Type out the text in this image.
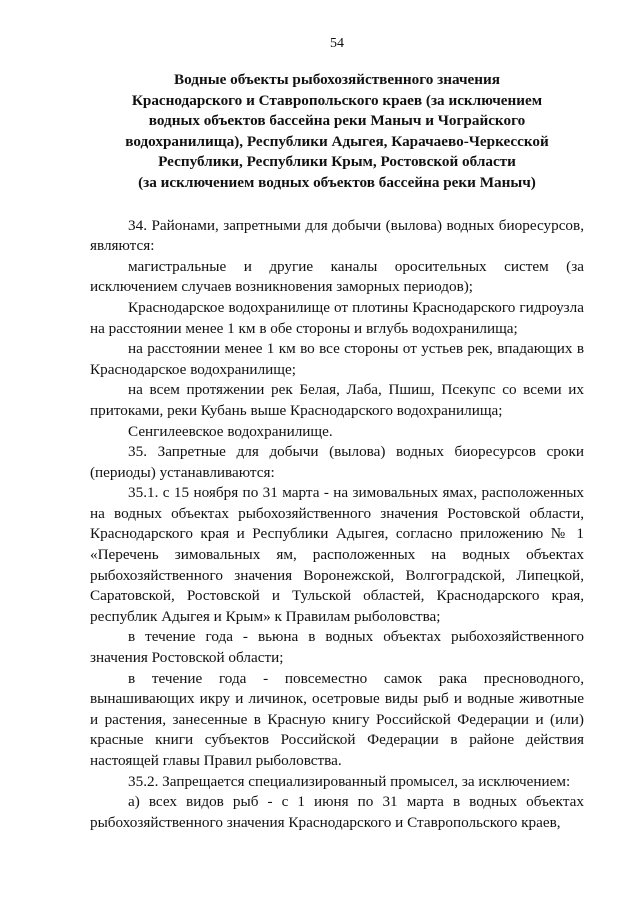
54
Водные объекты рыбохозяйственного значения
Краснодарского и Ставропольского краев (за исключением
водных объектов бассейна реки Маныч и Чограйского
водохранилища), Республики Адыгея, Карачаево-Черкесской
Республики, Республики Крым, Ростовской области
(за исключением водных объектов бассейна реки Маныч)

34. Районами, запретными для добычи (вылова) водных биоресурсов, являются:

магистральные и другие каналы оросительных систем (за исключением случаев возникновения заморных периодов);

Краснодарское водохранилище от плотины Краснодарского гидроузла на расстоянии менее 1 км в обе стороны и вглубь водохранилища;

на расстоянии менее 1 км во все стороны от устьев рек, впадающих в Краснодарское водохранилище;

на всем протяжении рек Белая, Лаба, Пшиш, Псекупс со всеми их притоками, реки Кубань выше Краснодарского водохранилища;

Сенгилеевское водохранилище.

35. Запретные для добычи (вылова) водных биоресурсов сроки (периоды) устанавливаются:

35.1. с 15 ноября по 31 марта - на зимовальных ямах, расположенных на водных объектах рыбохозяйственного значения Ростовской области, Краснодарского края и Республики Адыгея, согласно приложению № 1 «Перечень зимовальных ям, расположенных на водных объектах рыбохозяйственного значения Воронежской, Волгоградской, Липецкой, Саратовской, Ростовской и Тульской областей, Краснодарского края, республик Адыгея и Крым» к Правилам рыболовства;

в течение года - вьюна в водных объектах рыбохозяйственного значения Ростовской области;

в течение года - повсеместно самок рака пресноводного, вынашивающих икру и личинок, осетровые виды рыб и водные животные и растения, занесенные в Красную книгу Российской Федерации и (или) красные книги субъектов Российской Федерации в районе действия настоящей главы Правил рыболовства.

35.2. Запрещается специализированный промысел, за исключением:

а) всех видов рыб - с 1 июня по 31 марта в водных объектах рыбохозяйственного значения Краснодарского и Ставропольского краев,
